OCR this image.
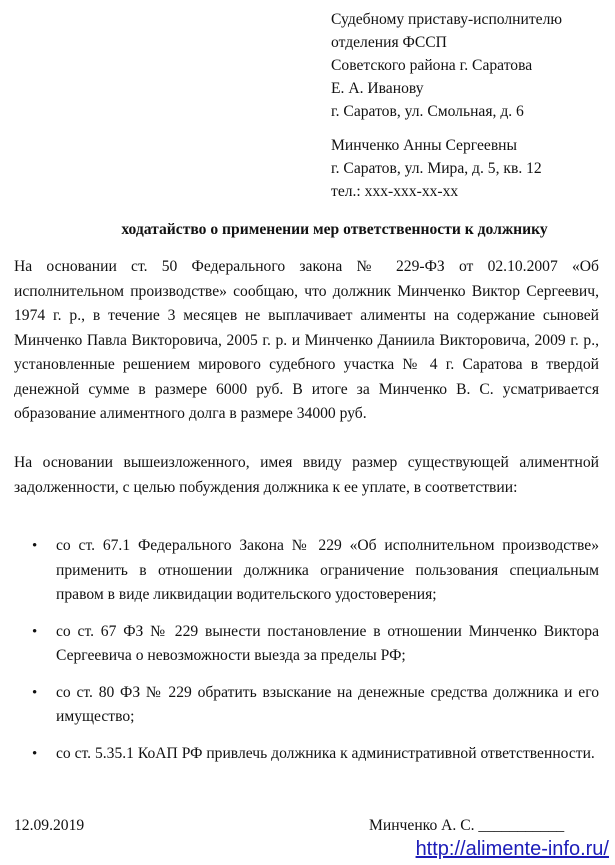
Судебному приставу-исполнителю
отделения ФССП
Советского района г. Саратова
Е. А. Иванову
г. Саратов, ул. Смольная, д. 6
Минченко Анны Сергеевны
г. Саратов, ул. Мира, д. 5, кв. 12
тел.: ххх-ххх-хх-хх
ходатайство о применении мер ответственности к должнику

На основании ст. 50 Федерального закона № 229-ФЗ от 02.10.2007 «Об исполнительном производстве» сообщаю, что должник Минченко Виктор Сергеевич, 1974 г. р., в течение 3 месяцев не выплачивает алименты на содержание сыновей Минченко Павла Викторовича, 2005 г. р. и Минченко Даниила Викторовича, 2009 г. р., установленные решением мирового судебного участка № 4 г. Саратова в твердой денежной сумме в размере 6000 руб. В итоге за Минченко В. С. усматривается образование алиментного долга в размере 34000 руб.

На основании вышеизложенного, имея ввиду размер существующей алиментной задолженности, с целью побуждения должника к ее уплате, в соответствии:

• со ст. 67.1 Федерального Закона № 229 «Об исполнительном производстве» применить в отношении должника ограничение пользования специальным правом в виде ликвидации водительского удостоверения;
• со ст. 67 ФЗ № 229 вынести постановление в отношении Минченко Виктора Сергеевича о невозможности выезда за пределы РФ;
• со ст. 80 ФЗ № 229 обратить взыскание на денежные средства должника и его имущество;
• со ст. 5.35.1 КоАП РФ привлечь должника к административной ответственности.
12.09.2019	Минченко А. С. ___________
http://alimente-info.ru/
